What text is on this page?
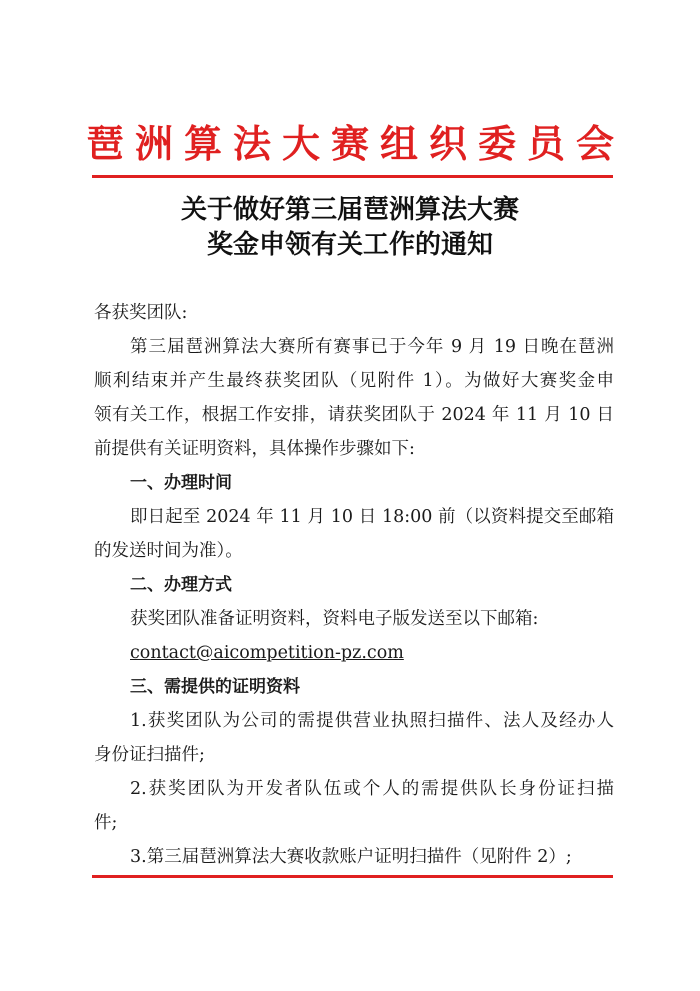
琶洲算法大赛组织委员会
关于做好第三届琶洲算法大赛
奖金申领有关工作的通知
各获奖团队:
第三届琶洲算法大赛所有赛事已于今年 9 月 19 日晚在琶洲
顺利结束并产生最终获奖团队（见附件 1）。为做好大赛奖金申
领有关工作，根据工作安排，请获奖团队于 2024 年 11 月 10 日
前提供有关证明资料，具体操作步骤如下:
一、办理时间
即日起至 2024 年 11 月 10 日 18:00 前（以资料提交至邮箱
的发送时间为准）。
二、办理方式
获奖团队准备证明资料，资料电子版发送至以下邮箱:
contact@aicompetition-pz.com
三、需提供的证明资料
1.获奖团队为公司的需提供营业执照扫描件、法人及经办人
身份证扫描件;
2.获奖团队为开发者队伍或个人的需提供队长身份证扫描
件;
3.第三届琶洲算法大赛收款账户证明扫描件（见附件 2）;
